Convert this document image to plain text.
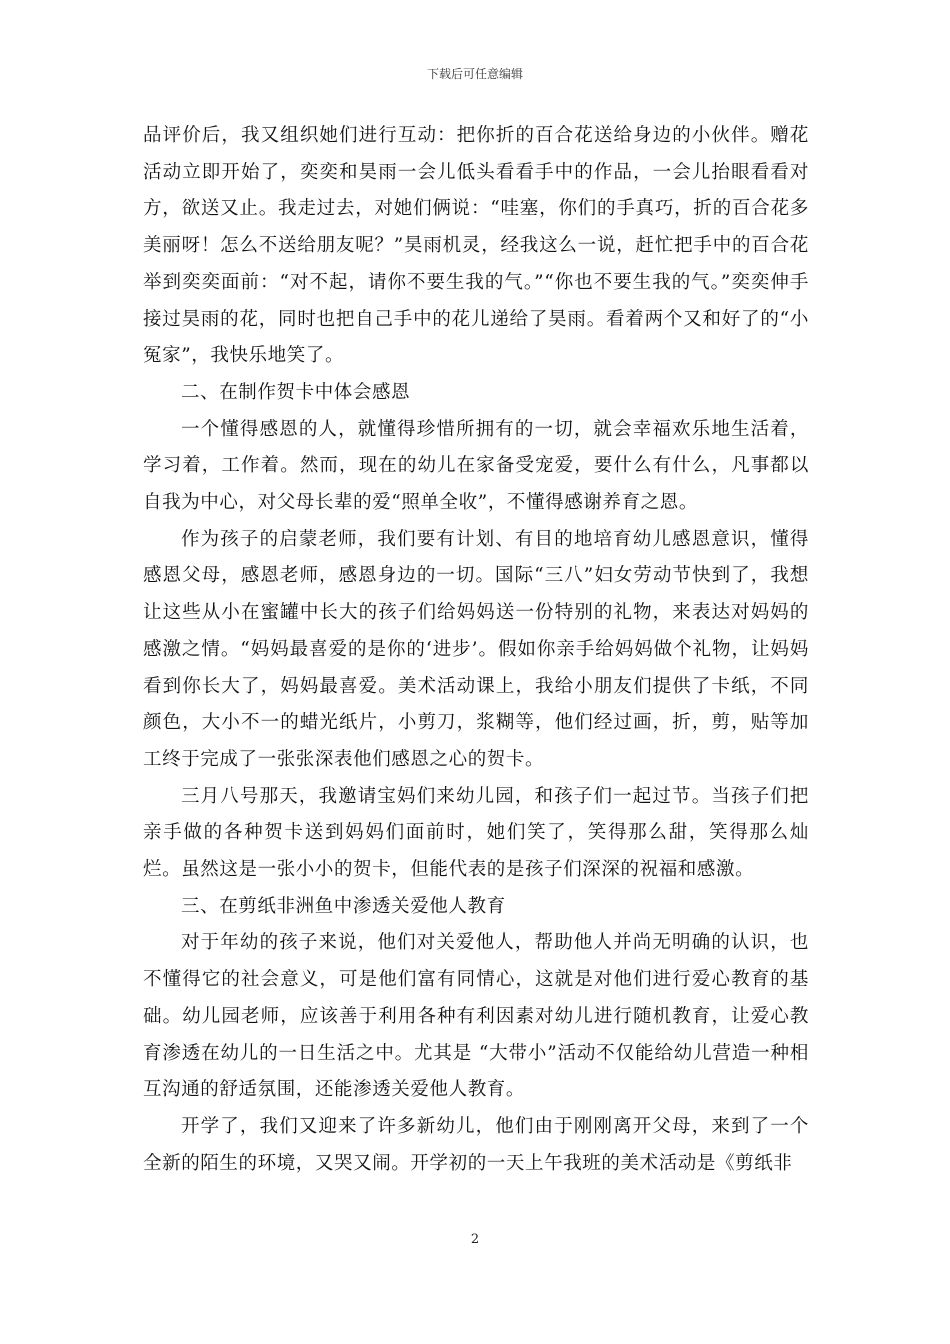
下载后可任意编辑

品评价后，我又组织她们进行互动：把你折的百合花送给身边的小伙伴。赠花活动立即开始了，奕奕和昊雨一会儿低头看看手中的作品，一会儿抬眼看看对方，欲送又止。我走过去，对她们俩说：“哇塞，你们的手真巧，折的百合花多美丽呀！怎么不送给朋友呢？”昊雨机灵，经我这么一说，赶忙把手中的百合花举到奕奕面前：“对不起，请你不要生我的气。”“你也不要生我的气。”奕奕伸手接过昊雨的花，同时也把自己手中的花儿递给了昊雨。看着两个又和好了的“小冤家”，我快乐地笑了。

二、在制作贺卡中体会感恩

一个懂得感恩的人，就懂得珍惜所拥有的一切，就会幸福欢乐地生活着，学习着，工作着。然而，现在的幼儿在家备受宠爱，要什么有什么，凡事都以自我为中心，对父母长辈的爱“照单全收”，不懂得感谢养育之恩。

作为孩子的启蒙老师，我们要有计划、有目的地培育幼儿感恩意识，懂得感恩父母，感恩老师，感恩身边的一切。国际“三八”妇女劳动节快到了，我想让这些从小在蜜罐中长大的孩子们给妈妈送一份特别的礼物，来表达对妈妈的感激之情。“妈妈最喜爱的是你的‘进步’。假如你亲手给妈妈做个礼物，让妈妈看到你长大了，妈妈最喜爱。美术活动课上，我给小朋友们提供了卡纸，不同颜色，大小不一的蜡光纸片，小剪刀，浆糊等，他们经过画，折，剪，贴等加工终于完成了一张张深表他们感恩之心的贺卡。

三月八号那天，我邀请宝妈们来幼儿园，和孩子们一起过节。当孩子们把亲手做的各种贺卡送到妈妈们面前时，她们笑了，笑得那么甜，笑得那么灿烂。虽然这是一张小小的贺卡，但能代表的是孩子们深深的祝福和感激。

三、在剪纸非洲鱼中渗透关爱他人教育

对于年幼的孩子来说，他们对关爱他人，帮助他人并尚无明确的认识，也不懂得它的社会意义，可是他们富有同情心，这就是对他们进行爱心教育的基础。幼儿园老师，应该善于利用各种有利因素对幼儿进行随机教育，让爱心教育渗透在幼儿的一日生活之中。尤其是 “大带小”活动不仅能给幼儿营造一种相互沟通的舒适氛围，还能渗透关爱他人教育。

开学了，我们又迎来了许多新幼儿，他们由于刚刚离开父母，来到了一个全新的陌生的环境，又哭又闹。开学初的一天上午我班的美术活动是《剪纸非

2
